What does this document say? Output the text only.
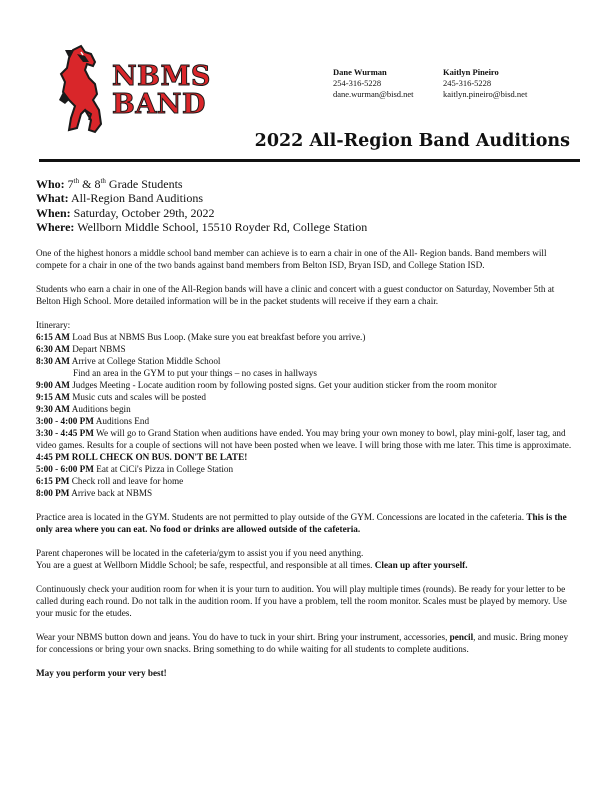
NBMS
BAND
Dane Wurman
254-316-5228
dane.wurman@bisd.net
Kaitlyn Pineiro
245-316-5228
kaitlyn.pineiro@bisd.net
2022 All-Region Band Auditions
Who: 7th & 8th Grade Students
What: All-Region Band Auditions
When: Saturday, October 29th, 2022
Where: Wellborn Middle School, 15510 Royder Rd, College Station

One of the highest honors a middle school band member can achieve is to earn a chair in one of the All- Region bands. Band members will compete for a chair in one of the two bands against band members from Belton ISD, Bryan ISD, and College Station ISD.

Students who earn a chair in one of the All-Region bands will have a clinic and concert with a guest conductor on Saturday, November 5th at Belton High School. More detailed information will be in the packet students will receive if they earn a chair.

Itinerary:
6:15 AM Load Bus at NBMS Bus Loop. (Make sure you eat breakfast before you arrive.)
6:30 AM Depart NBMS
8:30 AM Arrive at College Station Middle School
Find an area in the GYM to put your things – no cases in hallways
9:00 AM Judges Meeting - Locate audition room by following posted signs. Get your audition sticker from the room monitor
9:15 AM Music cuts and scales will be posted
9:30 AM Auditions begin
3:00 - 4:00 PM Auditions End
3:30 - 4:45 PM We will go to Grand Station when auditions have ended. You may bring your own money to bowl, play mini-golf, laser tag, and video games. Results for a couple of sections will not have been posted when we leave. I will bring those with me later. This time is approximate.
4:45 PM ROLL CHECK ON BUS. DON'T BE LATE!
5:00 - 6:00 PM Eat at CiCi's Pizza in College Station
6:15 PM Check roll and leave for home
8:00 PM Arrive back at NBMS

Practice area is located in the GYM. Students are not permitted to play outside of the GYM. Concessions are located in the cafeteria. This is the only area where you can eat. No food or drinks are allowed outside of the cafeteria.

Parent chaperones will be located in the cafeteria/gym to assist you if you need anything.
You are a guest at Wellborn Middle School; be safe, respectful, and responsible at all times. Clean up after yourself.

Continuously check your audition room for when it is your turn to audition. You will play multiple times (rounds). Be ready for your letter to be called during each round. Do not talk in the audition room. If you have a problem, tell the room monitor. Scales must be played by memory. Use your music for the etudes.

Wear your NBMS button down and jeans. You do have to tuck in your shirt. Bring your instrument, accessories, pencil, and music. Bring money for concessions or bring your own snacks. Bring something to do while waiting for all students to complete auditions.

May you perform your very best!
